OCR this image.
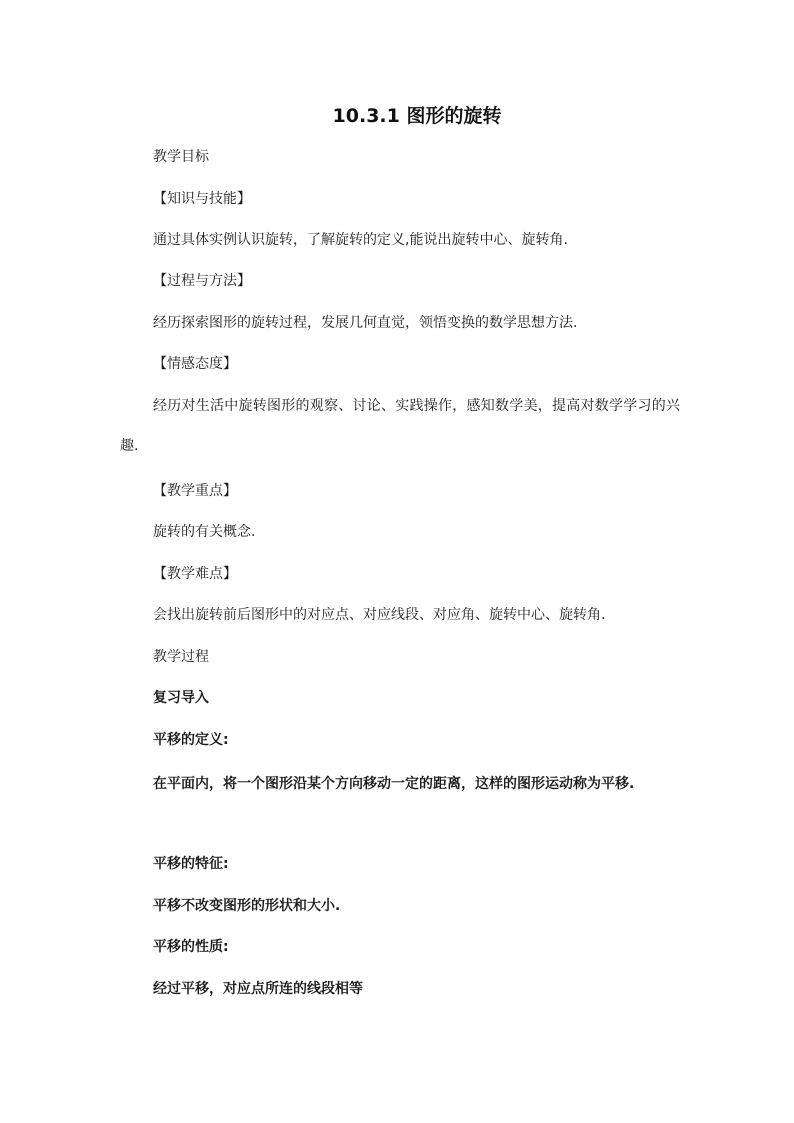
10.3.1 图形的旋转
教学目标
【知识与技能】
通过具体实例认识旋转，了解旋转的定义,能说出旋转中心、旋转角.
【过程与方法】
经历探索图形的旋转过程，发展几何直觉，领悟变换的数学思想方法.
【情感态度】
经历对生活中旋转图形的观察、讨论、实践操作，感知数学美，提高对数学学习的兴趣.
【教学重点】
旋转的有关概念.
【教学难点】
会找出旋转前后图形中的对应点、对应线段、对应角、旋转中心、旋转角.
教学过程
复习导入
平移的定义:
在平面内，将一个图形沿某个方向移动一定的距离，这样的图形运动称为平移.
平移的特征:
平移不改变图形的形状和大小.
平移的性质:
经过平移，对应点所连的线段相等
